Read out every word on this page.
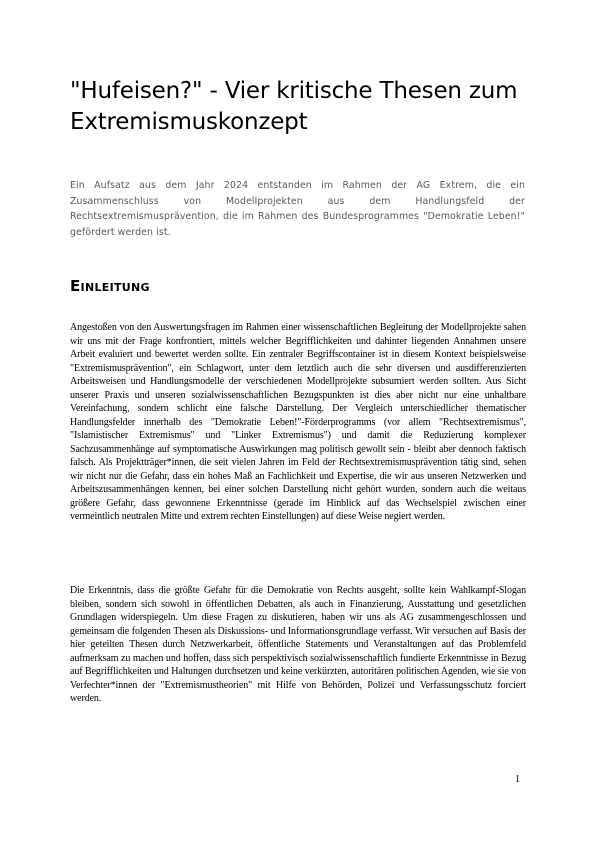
"Hufeisen?" - Vier kritische Thesen zum Extremismuskonzept

Ein Aufsatz aus dem Jahr 2024 entstanden im Rahmen der AG Extrem, die ein Zusammenschluss von Modellprojekten aus dem Handlungsfeld der Rechtsextremismusprävention, die im Rahmen des Bundesprogrammes "Demokratie Leben!" gefördert werden ist.

Einleitung

Angestoßen von den Auswertungsfragen im Rahmen einer wissenschaftlichen Begleitung der Modellprojekte sahen wir uns mit der Frage konfrontiert, mittels welcher Begrifflichkeiten und dahinter liegenden Annahmen unsere Arbeit evaluiert und bewertet werden sollte. Ein zentraler Begriffscontainer ist in diesem Kontext beispielsweise "Extremismusprävention", ein Schlagwort, unter dem letztlich auch die sehr diversen und ausdifferenzierten Arbeitsweisen und Handlungsmodelle der verschiedenen Modellprojekte subsumiert werden sollten. Aus Sicht unserer Praxis und unseren sozialwissenschaftlichen Bezugspunkten ist dies aber nicht nur eine unhaltbare Vereinfachung, sondern schlicht eine falsche Darstellung. Der Vergleich unterschiedlicher thematischer Handlungsfelder innerhalb des "Demokratie Leben!"-Förderprogramms (vor allem "Rechtsextremismus", "Islamistischer Extremismus" und "Linker Extremismus") und damit die Reduzierung komplexer Sachzusammenhänge auf symptomatische Auswirkungen mag politisch gewollt sein - bleibt aber dennoch faktisch falsch. Als Projektträger*innen, die seit vielen Jahren im Feld der Rechtsextremismusprävention tätig sind, sehen wir nicht nur die Gefahr, dass ein hohes Maß an Fachlichkeit und Expertise, die wir aus unseren Netzwerken und Arbeitszusammenhängen kennen, bei einer solchen Darstellung nicht gehört wurden, sondern auch die weitaus größere Gefahr, dass gewonnene Erkenntnisse (gerade im Hinblick auf das Wechselspiel zwischen einer vermeintlich neutralen Mitte und extrem rechten Einstellungen) auf diese Weise negiert werden.

Die Erkenntnis, dass die größte Gefahr für die Demokratie von Rechts ausgeht, sollte kein Wahlkampf-Slogan bleiben, sondern sich sowohl in öffentlichen Debatten, als auch in Finanzierung, Ausstattung und gesetzlichen Grundlagen widerspiegeln. Um diese Fragen zu diskutieren, haben wir uns als AG zusammengeschlossen und gemeinsam die folgenden Thesen als Diskussions- und Informationsgrundlage verfasst. Wir versuchen auf Basis der hier geteilten Thesen durch Netzwerkarbeit, öffentliche Statements und Veranstaltungen auf das Problemfeld aufmerksam zu machen und hoffen, dass sich perspektivisch sozialwissenschaftlich fundierte Erkenntnisse in Bezug auf Begrifflichkeiten und Haltungen durchsetzen und keine verkürzten, autoritären politischen Agenden, wie sie von Verfechter*innen der "Extremismustheorien" mit Hilfe von Behörden, Polizei und Verfassungsschutz forciert werden.

1
